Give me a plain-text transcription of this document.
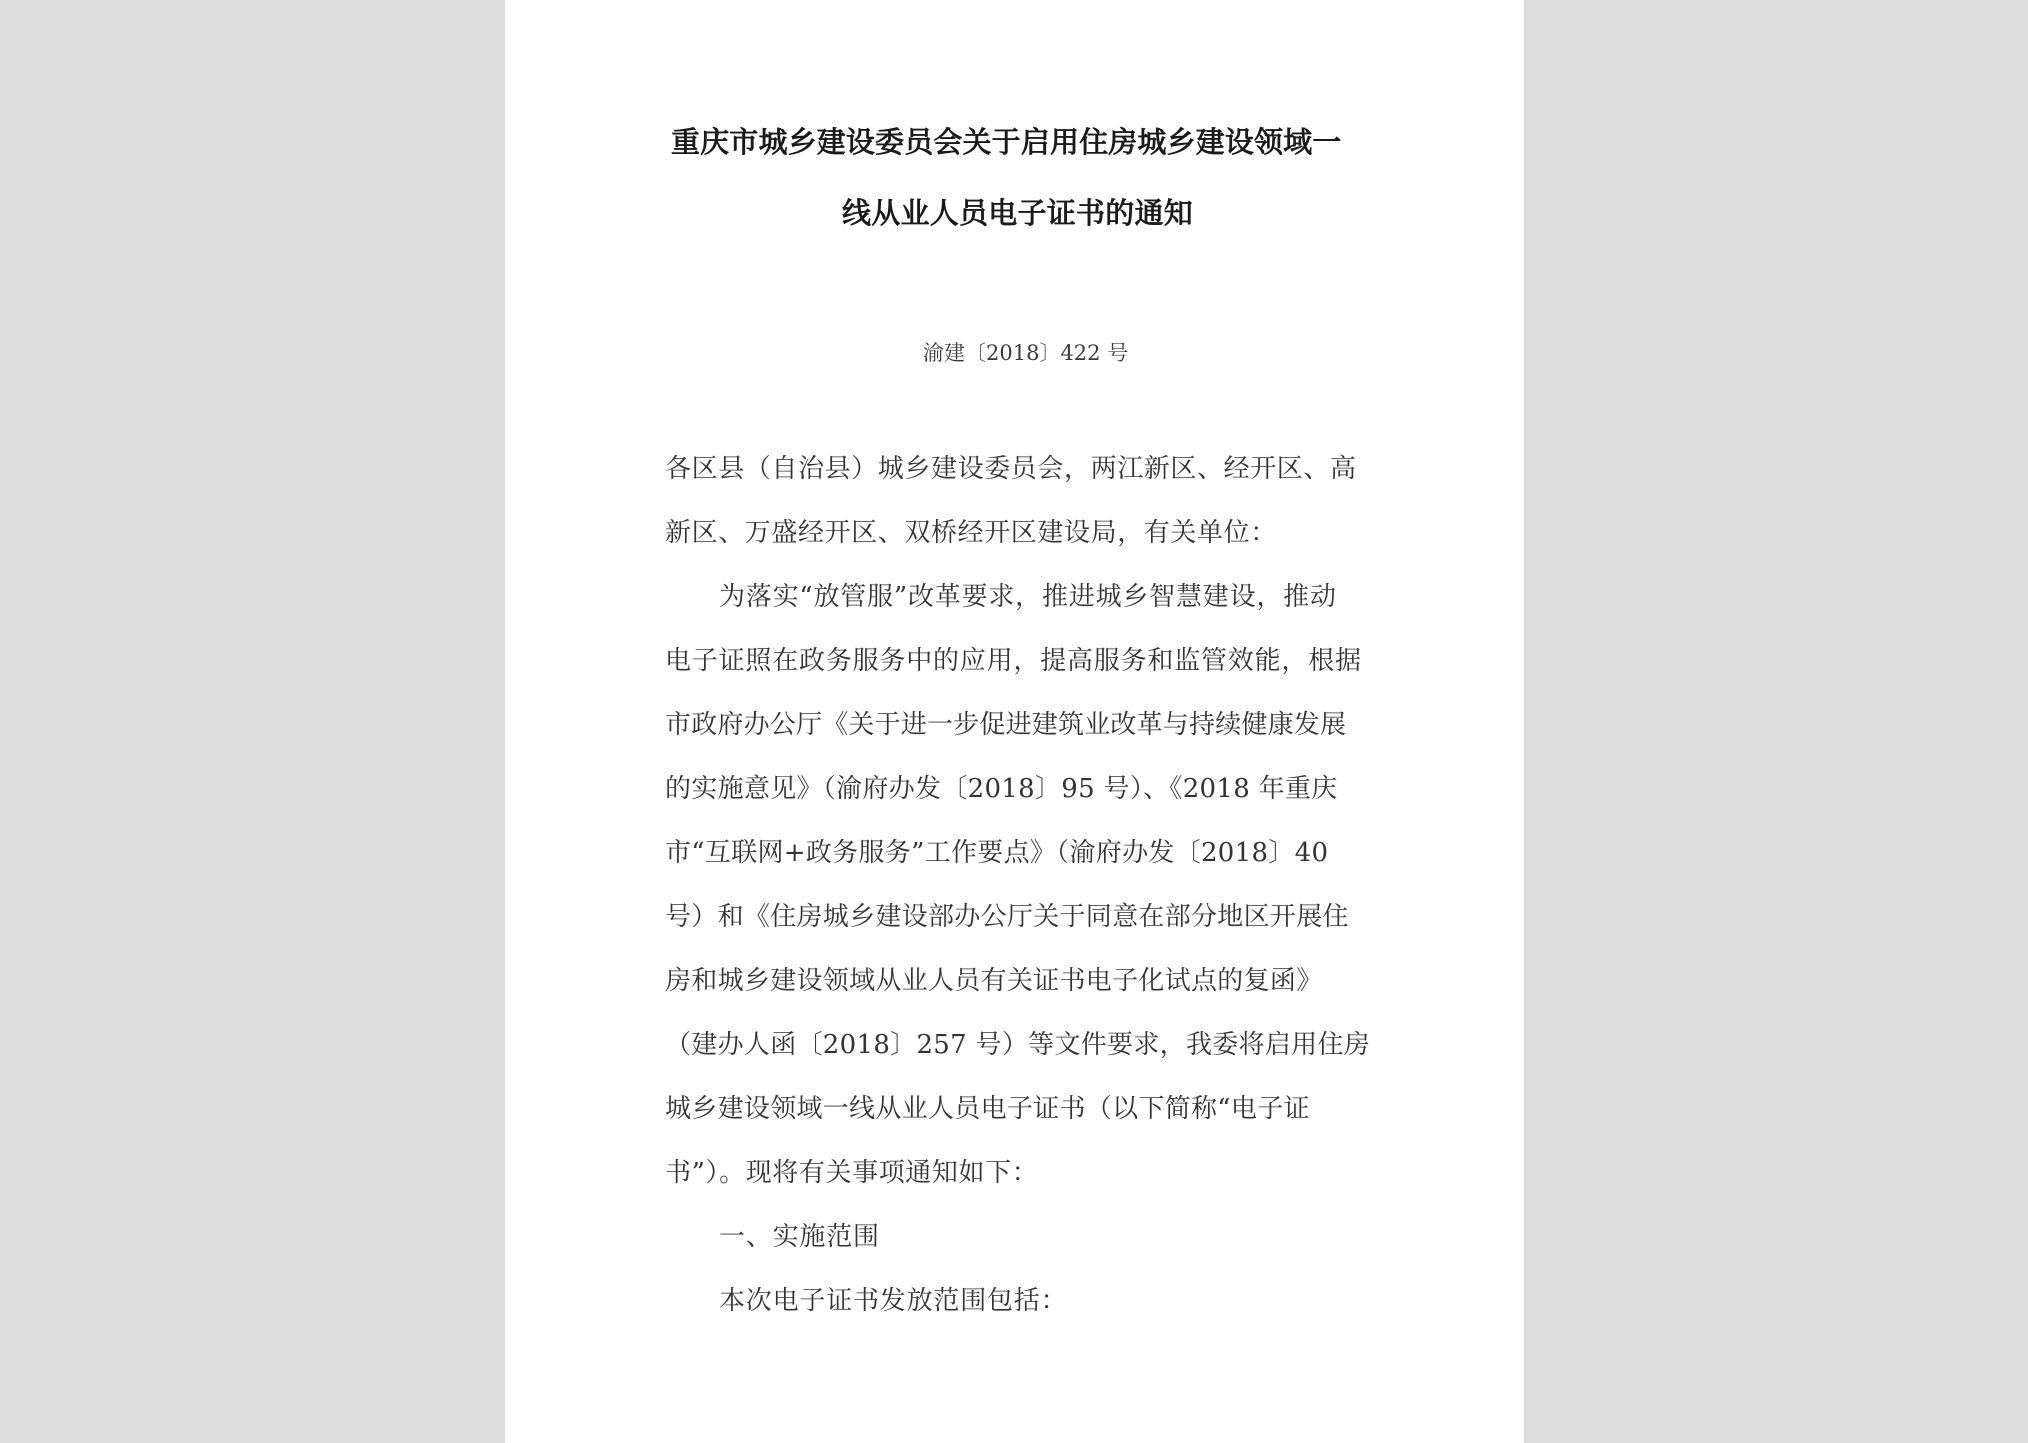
重庆市城乡建设委员会关于启用住房城乡建设领域一
线从业人员电子证书的通知
渝建〔2018〕422 号
各区县（自治县）城乡建设委员会，两江新区、经开区、高
新区、万盛经开区、双桥经开区建设局，有关单位：
为落实“放管服”改革要求，推进城乡智慧建设，推动
电子证照在政务服务中的应用，提高服务和监管效能，根据
市政府办公厅《关于进一步促进建筑业改革与持续健康发展
的实施意见》（渝府办发〔2018〕95 号）、《2018 年重庆
市“互联网+政务服务”工作要点》（渝府办发〔2018〕40
号）和《住房城乡建设部办公厅关于同意在部分地区开展住
房和城乡建设领域从业人员有关证书电子化试点的复函》
（建办人函〔2018〕257 号）等文件要求，我委将启用住房
城乡建设领域一线从业人员电子证书（以下简称“电子证
书”）。现将有关事项通知如下：
一、实施范围
本次电子证书发放范围包括：
